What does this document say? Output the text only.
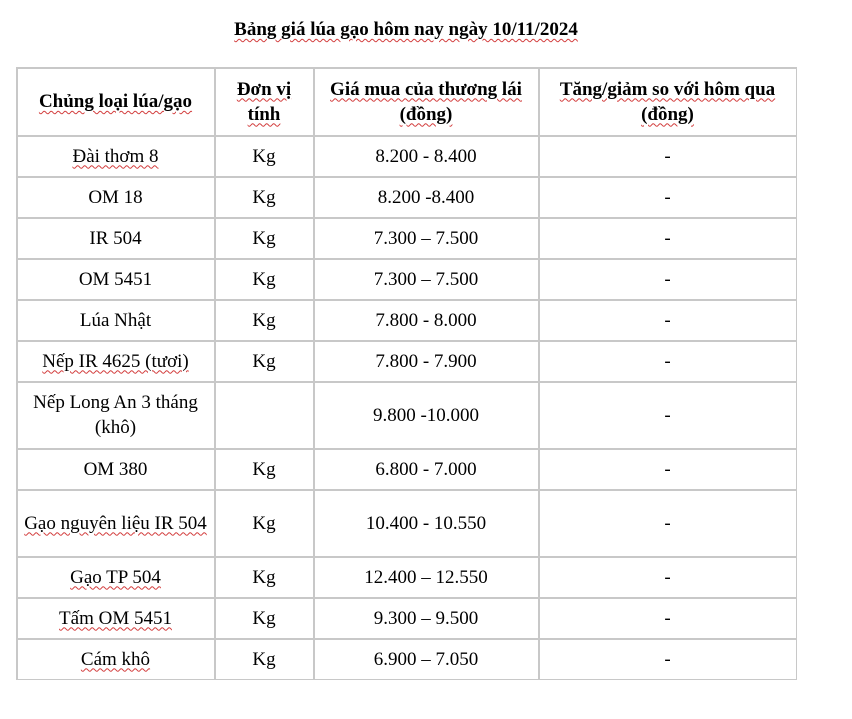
Bảng giá lúa gạo hôm nay ngày 10/11/2024
Chủng loại lúa/gạo	Đơn vị tính	Giá mua của thương lái (đồng)	Tăng/giảm so với hôm qua (đồng)
Đài thơm 8	Kg	8.200 - 8.400	-
OM 18	Kg	8.200 -8.400	-
IR 504	Kg	7.300 – 7.500	-
OM 5451	Kg	7.300 – 7.500	-
Lúa Nhật	Kg	7.800 - 8.000	-
Nếp IR 4625 (tươi)	Kg	7.800 - 7.900	-
Nếp Long An 3 tháng (khô)		9.800 -10.000	-
OM 380	Kg	6.800 - 7.000	-
Gạo nguyên liệu IR 504	Kg	10.400 - 10.550	-
Gạo TP 504	Kg	12.400 – 12.550	-
Tấm OM 5451	Kg	9.300 – 9.500	-
Cám khô	Kg	6.900 – 7.050	-
